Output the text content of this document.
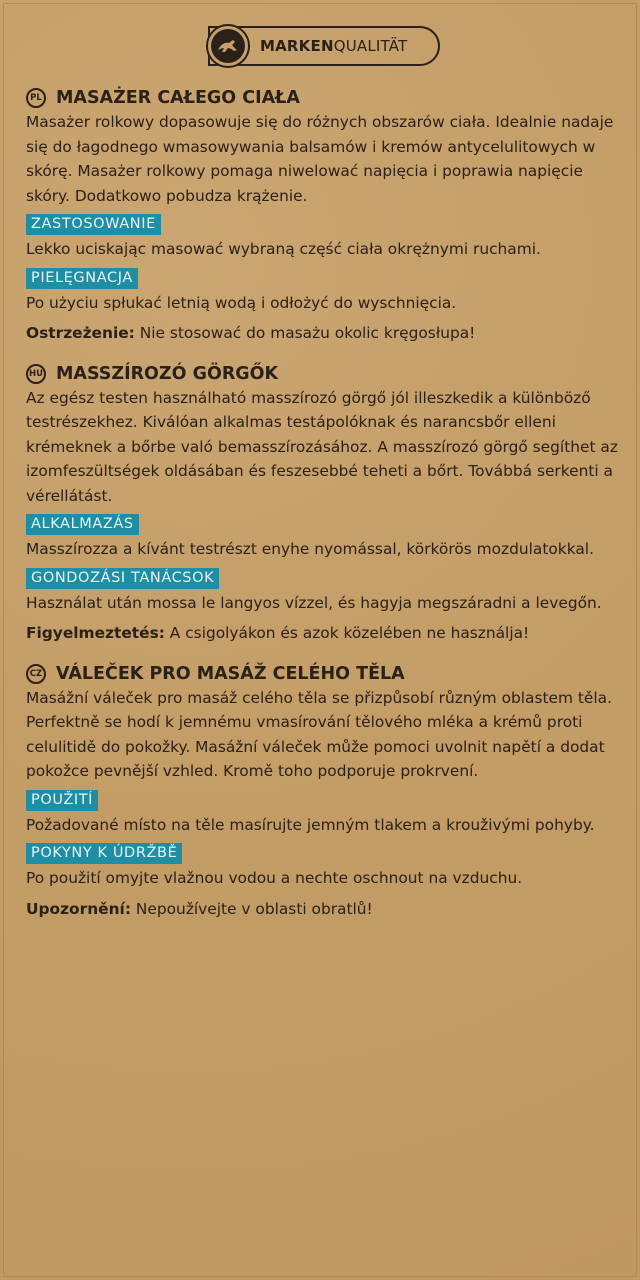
MARKENQUALITÄT
PL MASAŻER CAŁEGO CIAŁA

Masażer rolkowy dopasowuje się do różnych obszarów ciała. Idealnie nadaje się do łagodnego wmasowywania balsamów i kremów antycelulitowych w skórę. Masażer rolkowy pomaga niwelować napięcia i poprawia napięcie skóry. Dodatkowo pobudza krążenie.

ZASTOSOWANIE

Lekko uciskając masować wybraną część ciała okrężnymi ruchami.

PIELĘGNACJA

Po użyciu spłukać letnią wodą i odłożyć do wyschnięcia.

Ostrzeżenie: Nie stosować do masażu okolic kręgosłupa!

HU MASSZÍROZÓ GÖRGŐK

Az egész testen használható masszírozó görgő jól illeszkedik a különböző testrészekhez. Kiválóan alkalmas testápolóknak és narancsbőr elleni krémeknek a bőrbe való bemasszírozásához. A masszírozó görgő segíthet az izomfeszültségek oldásában és feszesebbé teheti a bőrt. Továbbá serkenti a vérellátást.

ALKALMAZÁS

Masszírozza a kívánt testrészt enyhe nyomással, körkörös mozdulatokkal.

GONDOZÁSI TANÁCSOK

Használat után mossa le langyos vízzel, és hagyja megszáradni a levegőn.

Figyelmeztetés: A csigolyákon és azok közelében ne használja!

CZ VÁLEČEK PRO MASÁŽ CELÉHO TĚLA

Masážní váleček pro masáž celého těla se přizpůsobí různým oblastem těla. Perfektně se hodí k jemnému vmasírování tělového mléka a krémů proti celulitidě do pokožky. Masážní váleček může pomoci uvolnit napětí a dodat pokožce pevnější vzhled. Kromě toho podporuje prokrvení.

POUŽITÍ

Požadované místo na těle masírujte jemným tlakem a krouživými pohyby.

POKYNY K ÚDRŽBĚ

Po použití omyjte vlažnou vodou a nechte oschnout na vzduchu.

Upozornění: Nepoužívejte v oblasti obratlů!
